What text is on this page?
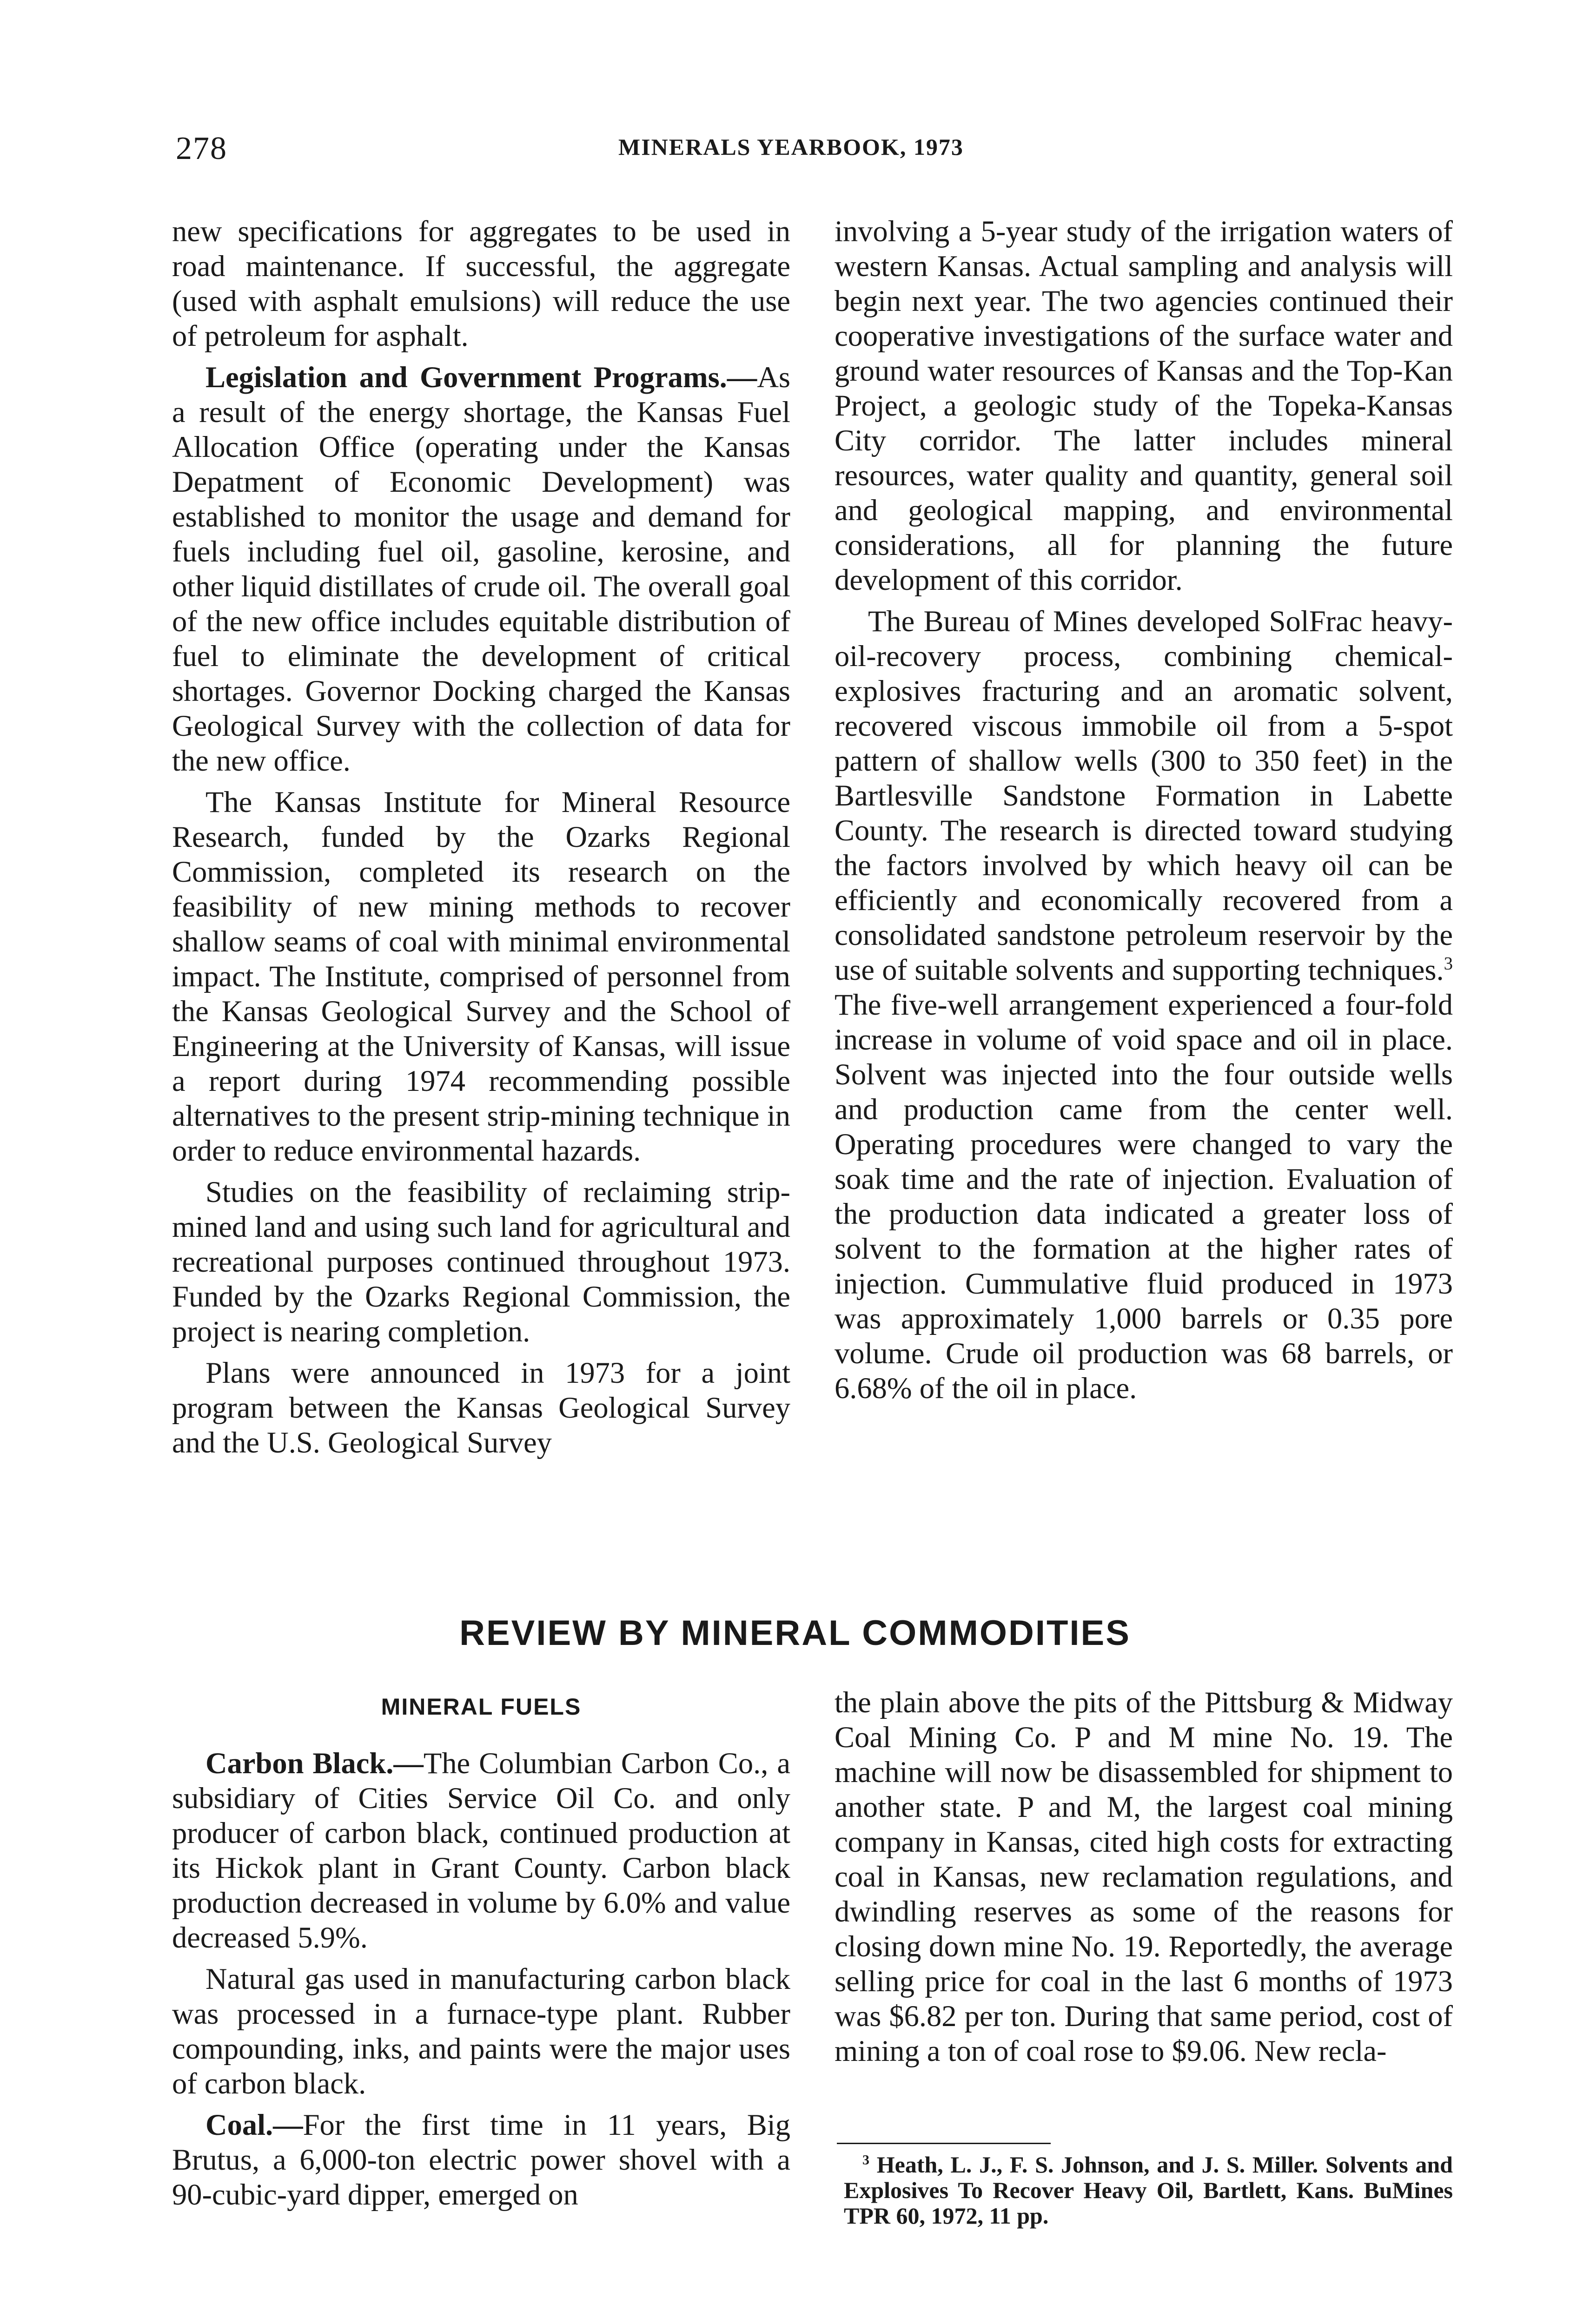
278	MINERALS YEARBOOK, 1973

new specifications for aggregates to be used in road maintenance. If successful, the aggregate (used with asphalt emulsions) will reduce the use of petroleum for asphalt.

Legislation and Government Programs.—As a result of the energy shortage, the Kansas Fuel Allocation Office (operating under the Kansas Depatment of Economic Development) was established to monitor the usage and demand for fuels including fuel oil, gasoline, kerosine, and other liquid distillates of crude oil. The overall goal of the new office includes equitable distribution of fuel to eliminate the development of critical shortages. Governor Docking charged the Kansas Geological Survey with the collection of data for the new office.

The Kansas Institute for Mineral Resource Research, funded by the Ozarks Regional Commission, completed its research on the feasibility of new mining methods to recover shallow seams of coal with minimal environmental impact. The Institute, comprised of personnel from the Kansas Geological Survey and the School of Engineering at the University of Kansas, will issue a report during 1974 recommending possible alternatives to the present strip-mining technique in order to reduce environmental hazards.

Studies on the feasibility of reclaiming strip-mined land and using such land for agricultural and recreational purposes continued throughout 1973. Funded by the Ozarks Regional Commission, the project is nearing completion.

Plans were announced in 1973 for a joint program between the Kansas Geological Survey and the U.S. Geological Survey

involving a 5-year study of the irrigation waters of western Kansas. Actual sampling and analysis will begin next year. The two agencies continued their cooperative investigations of the surface water and ground water resources of Kansas and the Top-Kan Project, a geologic study of the Topeka-Kansas City corridor. The latter includes mineral resources, water quality and quantity, general soil and geological mapping, and environmental considerations, all for planning the future development of this corridor.

The Bureau of Mines developed SolFrac heavy-oil-recovery process, combining chemical-explosives fracturing and an aromatic solvent, recovered viscous immobile oil from a 5-spot pattern of shallow wells (300 to 350 feet) in the Bartlesville Sandstone Formation in Labette County. The research is directed toward studying the factors involved by which heavy oil can be efficiently and economically recovered from a consolidated sandstone petroleum reservoir by the use of suitable solvents and supporting techniques.$^3$ The five-well arrangement experienced a four-fold increase in volume of void space and oil in place. Solvent was injected into the four outside wells and production came from the center well. Operating procedures were changed to vary the soak time and the rate of injection. Evaluation of the production data indicated a greater loss of solvent to the formation at the higher rates of injection. Cummulative fluid produced in 1973 was approximately 1,000 barrels or 0.35 pore volume. Crude oil production was 68 barrels, or 6.68% of the oil in place.

REVIEW BY MINERAL COMMODITIES
MINERAL FUELS

Carbon Black.—The Columbian Carbon Co., a subsidiary of Cities Service Oil Co. and only producer of carbon black, continued production at its Hickok plant in Grant County. Carbon black production decreased in volume by 6.0% and value decreased 5.9%.

Natural gas used in manufacturing carbon black was processed in a furnace-type plant. Rubber compounding, inks, and paints were the major uses of carbon black.

Coal.—For the first time in 11 years, Big Brutus, a 6,000-ton electric power shovel with a 90-cubic-yard dipper, emerged on

the plain above the pits of the Pittsburg & Midway Coal Mining Co. P and M mine No. 19. The machine will now be disassembled for shipment to another state. P and M, the largest coal mining company in Kansas, cited high costs for extracting coal in Kansas, new reclamation regulations, and dwindling reserves as some of the reasons for closing down mine No. 19. Reportedly, the average selling price for coal in the last 6 months of 1973 was $6.82 per ton. During that same period, cost of mining a ton of coal rose to $9.06. New recla-

$^3$ Heath, L. J., F. S. Johnson, and J. S. Miller. Solvents and Explosives To Recover Heavy Oil, Bartlett, Kans. BuMines TPR 60, 1972, 11 pp.
